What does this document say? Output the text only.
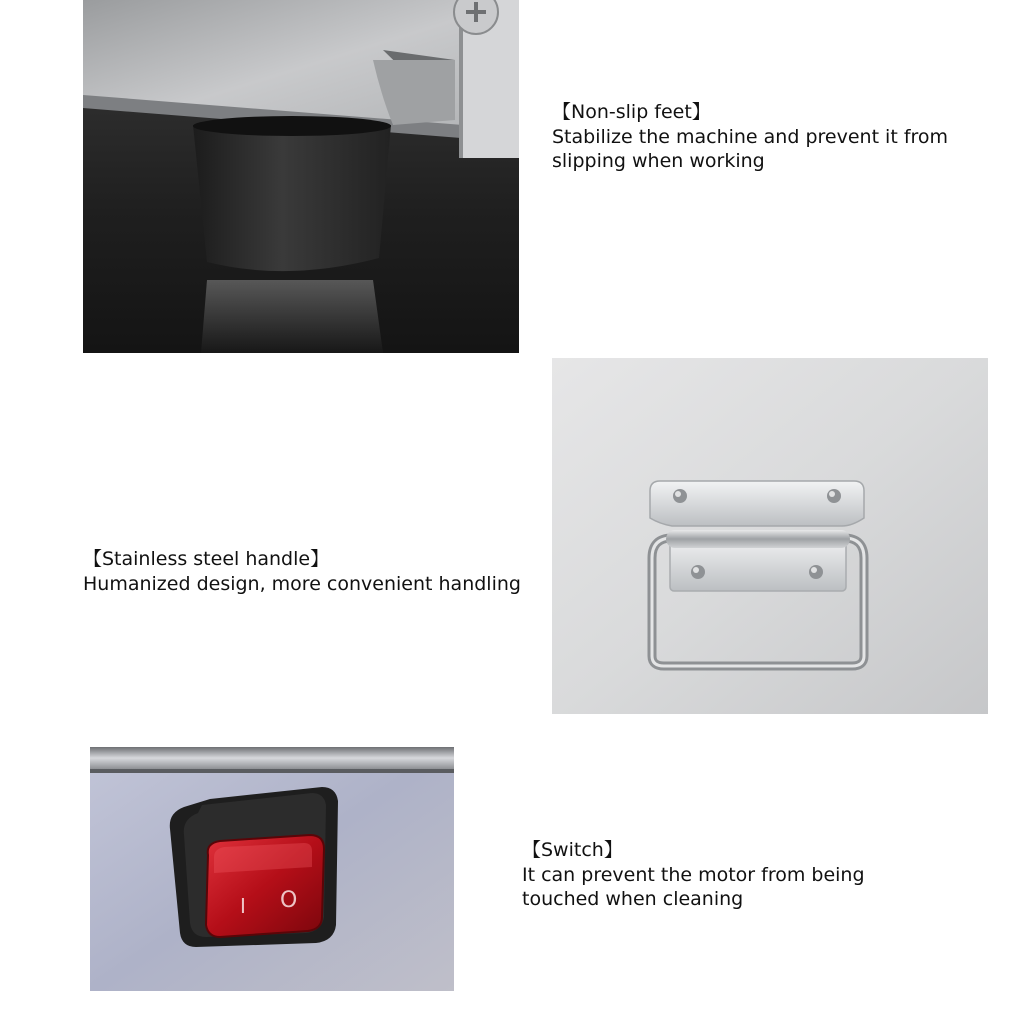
【Non-slip feet】
Stabilize the machine and prevent it from slipping when working
【Stainless steel handle】
Humanized design, more convenient handling
I O
【Switch】
It can prevent the motor from being touched when cleaning
